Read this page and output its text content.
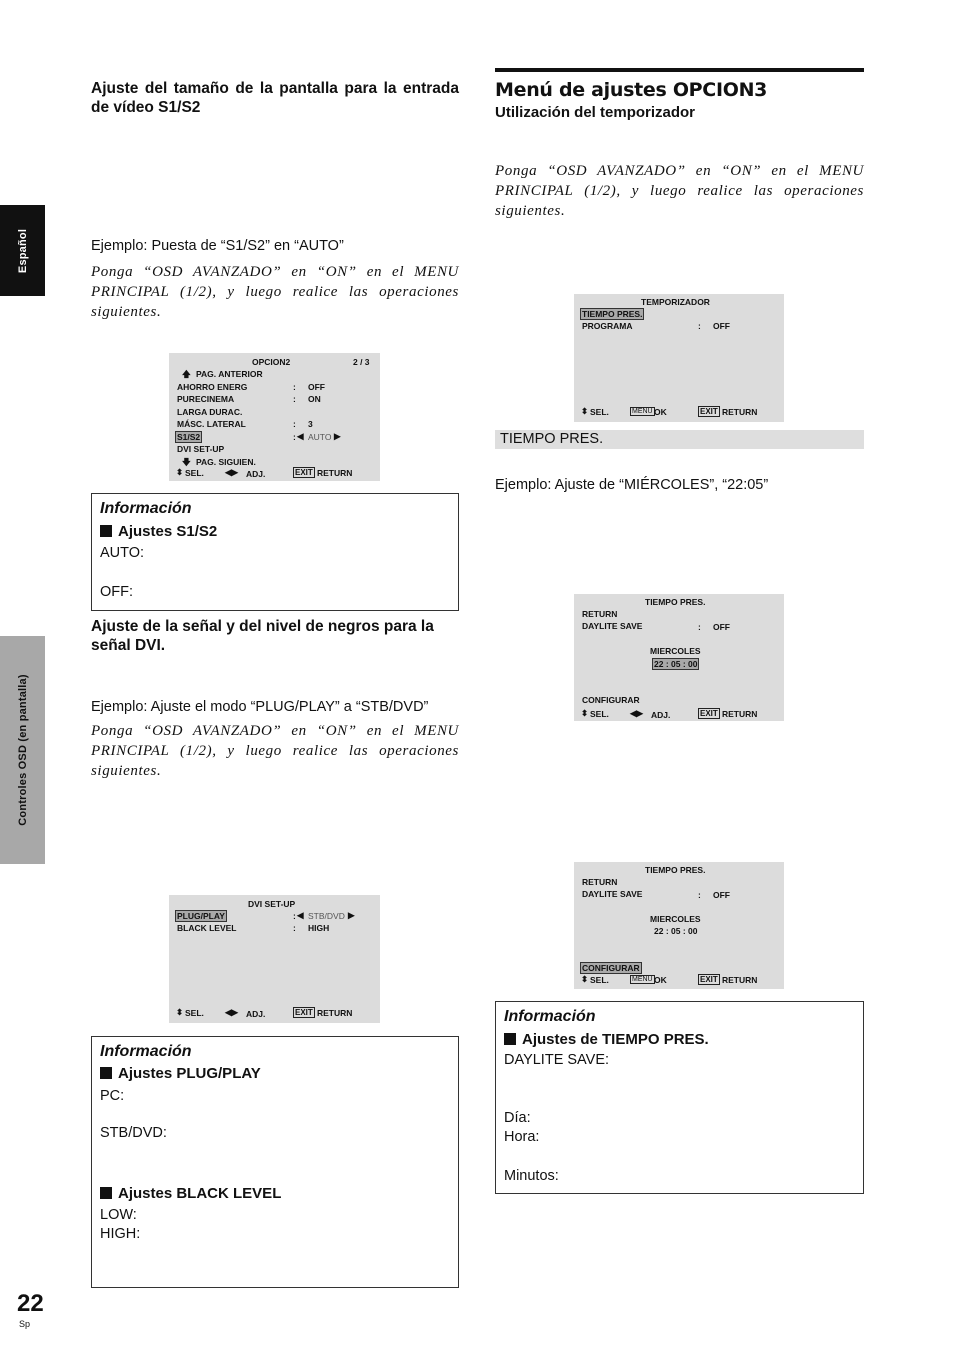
Español
Controles OSD (en pantalla)
22
Sp
Ajuste del tamaño de la pantalla para la entrada de vídeo S1/S2
Ejemplo: Puesta de “S1/S2” en “AUTO”
Ponga “OSD AVANZADO” en “ON” en el MENU PRINCIPAL (1/2), y luego realice las operaciones siguientes.
OPCION2	2 / 3
🡅 PAG. ANTERIOR
AHORRO ENERG	: OFF
PURECINEMA	: ON
LARGA DURAC.
MÁSC. LATERAL	: 3
S1/S2	: ◀ AUTO ▶
DVI SET-UP
🡇 PAG. SIGUIEN.
⬍ SEL. ◀▶ ADJ.	EXIT RETURN
Información
Ajustes S1/S2
AUTO:
OFF:
Ajuste de la señal y del nivel de negros para la señal DVI.
Ejemplo: Ajuste el modo “PLUG/PLAY” a “STB/DVD”
Ponga “OSD AVANZADO” en “ON” en el MENU PRINCIPAL (1/2), y luego realice las operaciones siguientes.
DVI SET-UP
PLUG/PLAY	: ◀ STB/DVD ▶
BLACK LEVEL	: HIGH
⬍ SEL. ◀▶ ADJ.	EXIT RETURN
Información
Ajustes PLUG/PLAY
PC:
STB/DVD:
Ajustes BLACK LEVEL
LOW:
HIGH:
Menú de ajustes OPCION3
Utilización del temporizador
Ponga “OSD AVANZADO” en “ON” en el MENU PRINCIPAL (1/2), y luego realice las operaciones siguientes.
TEMPORIZADOR
TIEMPO PRES.
PROGRAMA	: OFF
⬍ SEL.	MENU OK	EXIT RETURN
TIEMPO PRES.
Ejemplo: Ajuste de “MIÉRCOLES”, “22:05”
TIEMPO PRES.
RETURN
DAYLITE SAVE	: OFF
MIERCOLES
22 : 05 : 00
CONFIGURAR
⬍ SEL. ◀▶ ADJ.	EXIT RETURN
TIEMPO PRES.
RETURN
DAYLITE SAVE	: OFF
MIERCOLES
22 : 05 : 00
CONFIGURAR
⬍ SEL.	MENU OK	EXIT RETURN
Información
Ajustes de TIEMPO PRES.
DAYLITE SAVE:
Día:
Hora:
Minutos:
